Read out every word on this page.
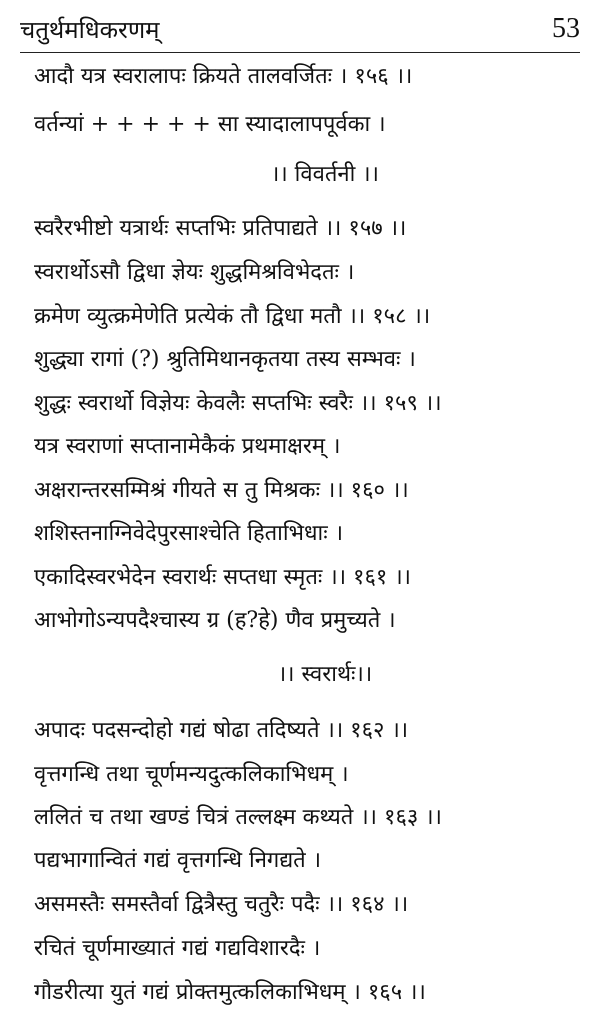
चतुर्थमधिकरणम्	53
आदौ यत्र स्वरालापः क्रियते तालवर्जितः । १५६ ।।
वर्तन्यां + + + + + सा स्यादालापपूर्वका ।
।। विवर्तनी ।।
स्वरैरभीष्टो यत्रार्थः सप्तभिः प्रतिपाद्यते ।। १५७ ।।
स्वरार्थोऽसौ द्विधा ज्ञेयः शुद्धमिश्रविभेदतः ।
क्रमेण व्युत्क्रमेणेति प्रत्येकं तौ द्विधा मतौ ।। १५८ ।।
शुद्ध्या रागां (?) श्रुतिमिथानकृतया तस्य सम्भवः ।
शुद्धः स्वरार्थो विज्ञेयः केवलैः सप्तभिः स्वरैः ।। १५९ ।।
यत्र स्वराणां सप्तानामेकैकं प्रथमाक्षरम् ।
अक्षरान्तरसम्मिश्रं गीयते स तु मिश्रकः ।। १६० ।।
शशिस्तनाग्निवेदेपुरसाश्चेति हिताभिधाः ।
एकादिस्वरभेदेन स्वरार्थः सप्तधा स्मृतः ।। १६१ ।।
आभोगोऽन्यपदैश्चास्य ग्र (ह?हे) णैव प्रमुच्यते ।
।। स्वरार्थः।।
अपादः पदसन्दोहो गद्यं षोढा तदिष्यते ।। १६२ ।।
वृत्तगन्धि तथा चूर्णमन्यदुत्कलिकाभिधम् ।
ललितं च तथा खण्डं चित्रं तल्लक्ष्म कथ्यते ।। १६३ ।।
पद्यभागान्वितं गद्यं वृत्तगन्धि निगद्यते ।
असमस्तैः समस्तैर्वा द्वित्रैस्तु चतुरैः पदैः ।। १६४ ।।
रचितं चूर्णमाख्यातं गद्यं गद्यविशारदैः ।
गौडरीत्या युतं गद्यं प्रोक्तमुत्कलिकाभिधम् । १६५ ।।
